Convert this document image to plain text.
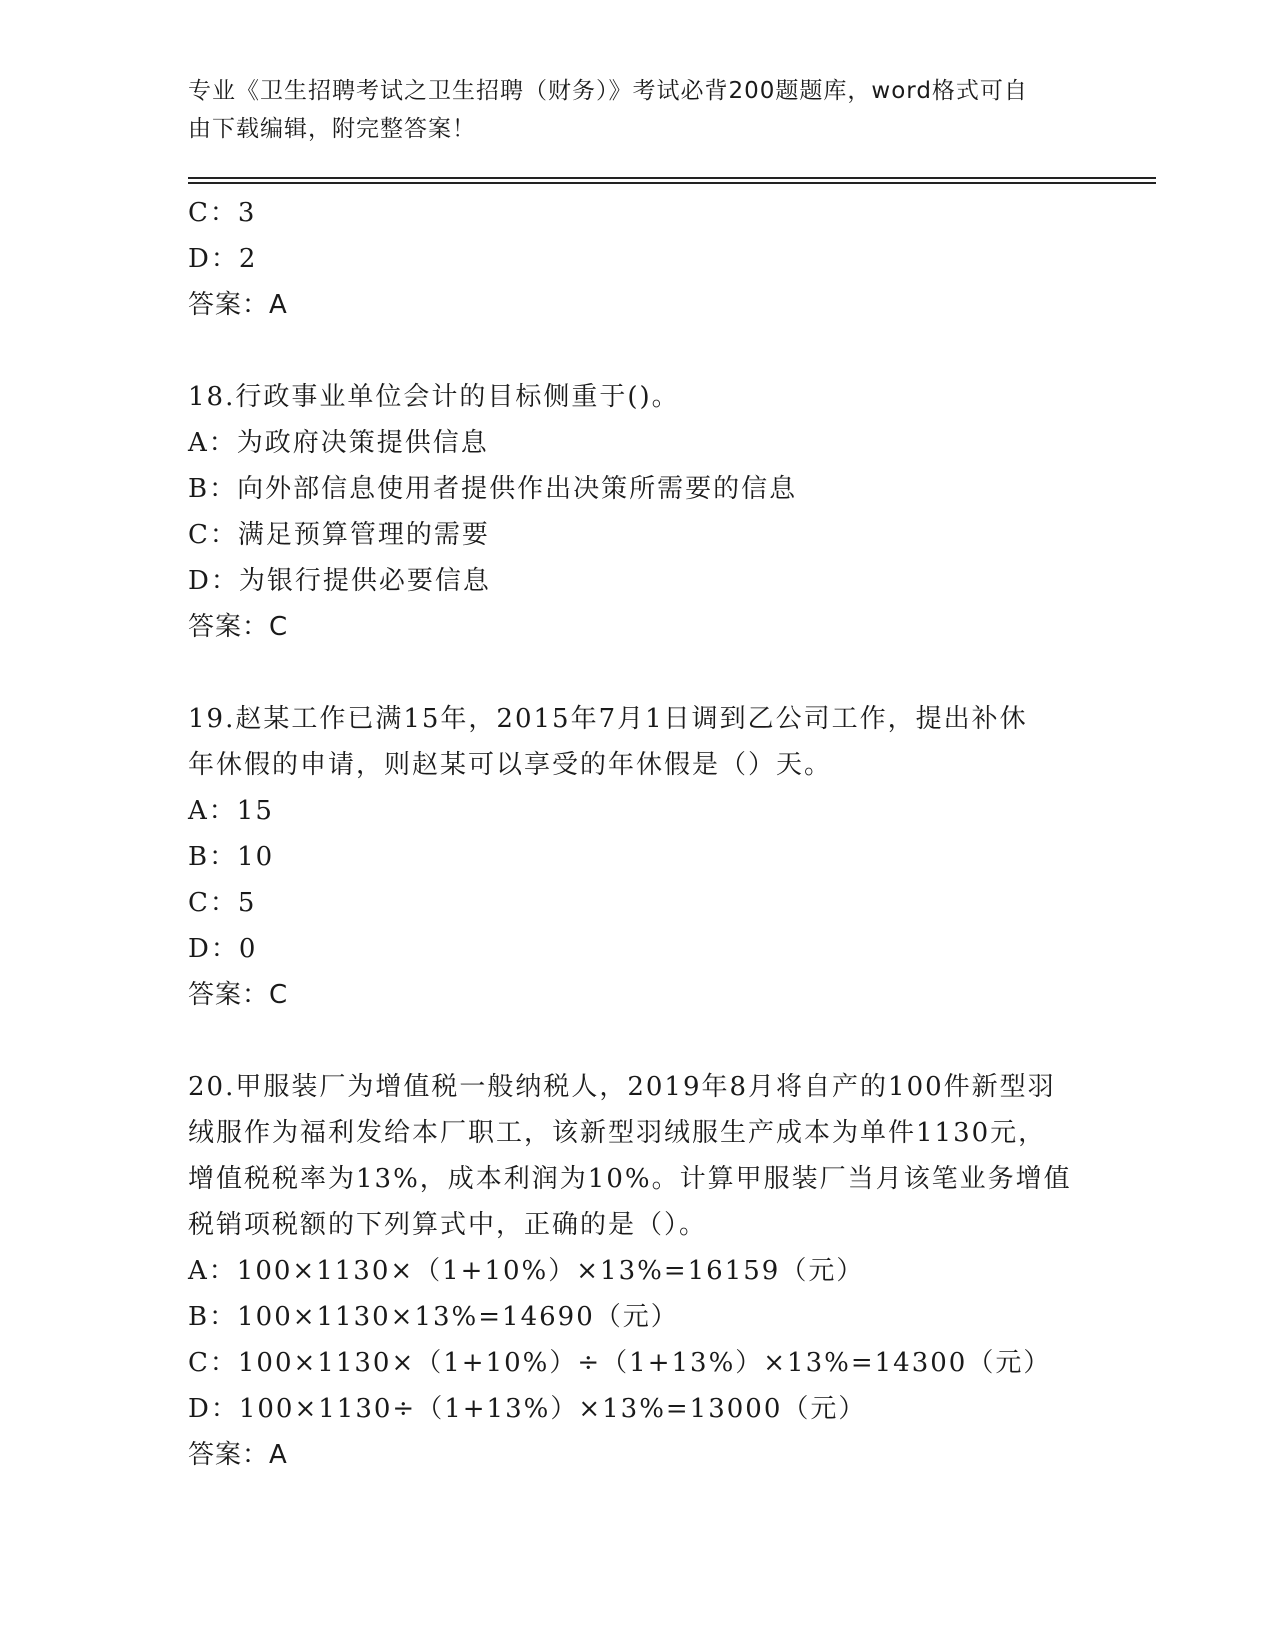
专业《卫生招聘考试之卫生招聘（财务）》考试必背200题题库，word格式可自
由下载编辑，附完整答案！
C：3
D：2
答案：A
18.行政事业单位会计的目标侧重于()。
A：为政府决策提供信息
B：向外部信息使用者提供作出决策所需要的信息
C：满足预算管理的需要
D：为银行提供必要信息
答案：C
19.赵某工作已满15年，2015年7月1日调到乙公司工作，提出补休
年休假的申请，则赵某可以享受的年休假是（）天。
A：15
B：10
C：5
D：0
答案：C
20.甲服装厂为增值税一般纳税人，2019年8月将自产的100件新型羽
绒服作为福利发给本厂职工，该新型羽绒服生产成本为单件1130元，
增值税税率为13%，成本利润为10%。计算甲服装厂当月该笔业务增值
税销项税额的下列算式中，正确的是（）。
A：100×1130×（1+10%）×13%=16159（元）
B：100×1130×13%=14690（元）
C：100×1130×（1+10%）÷（1+13%）×13%=14300（元）
D：100×1130÷（1+13%）×13%=13000（元）
答案：A
